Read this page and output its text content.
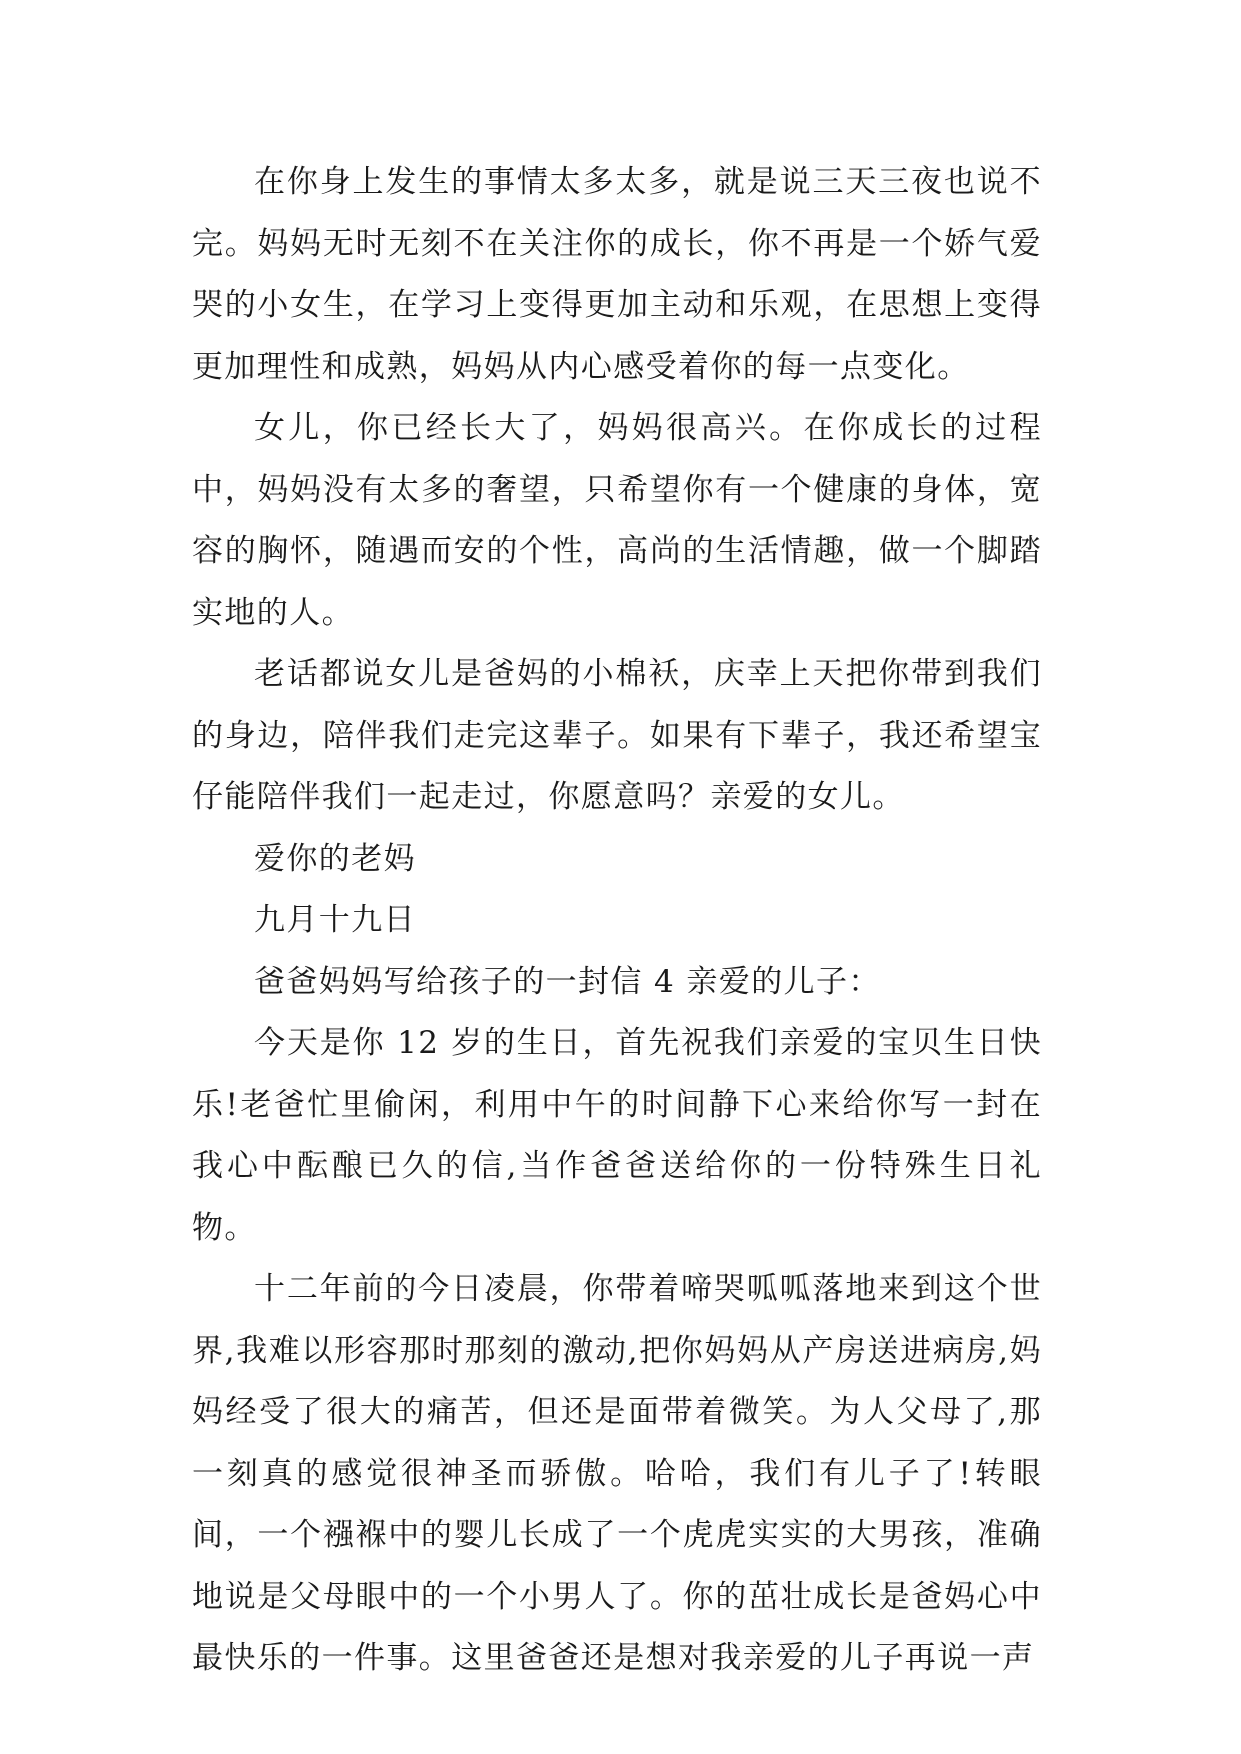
在你身上发生的事情太多太多，就是说三天三夜也说不完。妈妈无时无刻不在关注你的成长，你不再是一个娇气爱哭的小女生，在学习上变得更加主动和乐观，在思想上变得更加理性和成熟，妈妈从内心感受着你的每一点变化。

女儿，你已经长大了，妈妈很高兴。在你成长的过程中，妈妈没有太多的奢望，只希望你有一个健康的身体，宽容的胸怀，随遇而安的个性，高尚的生活情趣，做一个脚踏实地的人。

老话都说女儿是爸妈的小棉袄，庆幸上天把你带到我们的身边，陪伴我们走完这辈子。如果有下辈子，我还希望宝仔能陪伴我们一起走过，你愿意吗？亲爱的女儿。

爱你的老妈

九月十九日

爸爸妈妈写给孩子的一封信 4 亲爱的儿子：

今天是你 12 岁的生日，首先祝我们亲爱的宝贝生日快乐!老爸忙里偷闲，利用中午的时间静下心来给你写一封在我心中酝酿已久的信,当作爸爸送给你的一份特殊生日礼物。

十二年前的今日凌晨，你带着啼哭呱呱落地来到这个世界,我难以形容那时那刻的激动,把你妈妈从产房送进病房,妈妈经受了很大的痛苦，但还是面带着微笑。为人父母了,那一刻真的感觉很神圣而骄傲。哈哈，我们有儿子了!转眼间，一个襁褓中的婴儿长成了一个虎虎实实的大男孩，准确地说是父母眼中的一个小男人了。你的茁壮成长是爸妈心中最快乐的一件事。这里爸爸还是想对我亲爱的儿子再说一声
